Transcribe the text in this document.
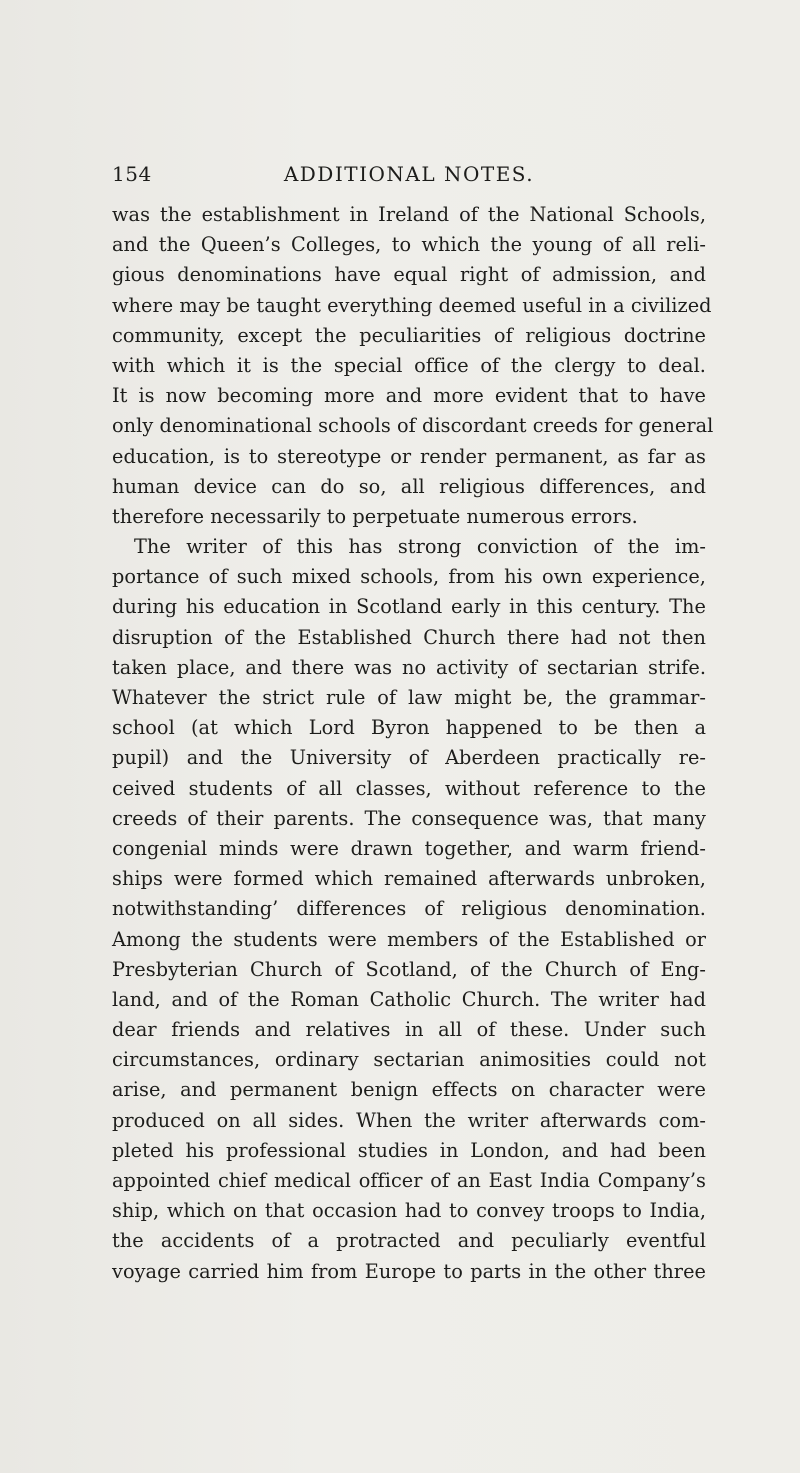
154	ADDITIONAL NOTES.
was the establishment in Ireland of the National Schools,
and the Queen’s Colleges, to which the young of all reli-
gious denominations have equal right of admission, and
where may be taught everything deemed useful in a civilized
community, except the peculiarities of religious doctrine
with which it is the special office of the clergy to deal.
It is now becoming more and more evident that to have
only denominational schools of discordant creeds for general
education, is to stereotype or render permanent, as far as
human device can do so, all religious differences, and
therefore necessarily to perpetuate numerous errors.
The writer of this has strong conviction of the im-
portance of such mixed schools, from his own experience,
during his education in Scotland early in this century. The
disruption of the Established Church there had not then
taken place, and there was no activity of sectarian strife.
Whatever the strict rule of law might be, the grammar-
school (at which Lord Byron happened to be then a
pupil) and the University of Aberdeen practically re-
ceived students of all classes, without reference to the
creeds of their parents. The consequence was, that many
congenial minds were drawn together, and warm friend-
ships were formed which remained afterwards unbroken,
notwithstanding’ differences of religious denomination.
Among the students were members of the Established or
Presbyterian Church of Scotland, of the Church of Eng-
land, and of the Roman Catholic Church. The writer had
dear friends and relatives in all of these. Under such
circumstances, ordinary sectarian animosities could not
arise, and permanent benign effects on character were
produced on all sides. When the writer afterwards com-
pleted his professional studies in London, and had been
appointed chief medical officer of an East India Company’s
ship, which on that occasion had to convey troops to India,
the accidents of a protracted and peculiarly eventful
voyage carried him from Europe to parts in the other three
